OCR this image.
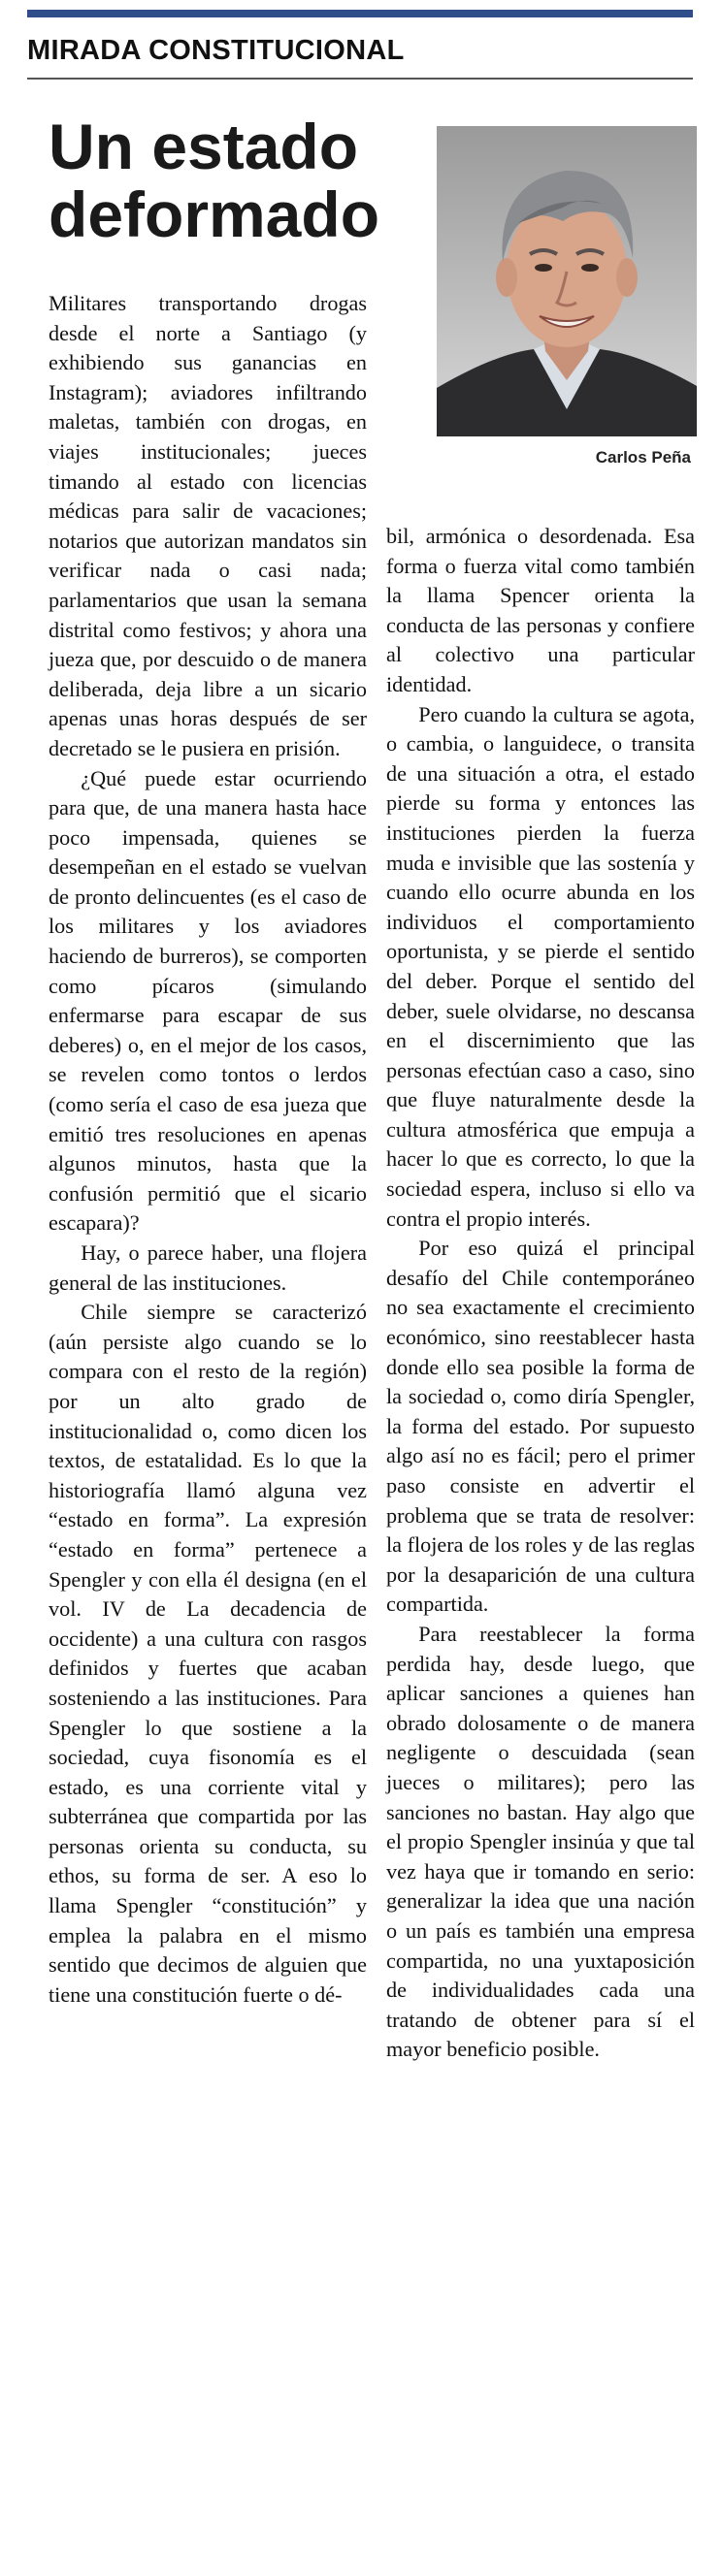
MIRADA CONSTITUCIONAL
Un estado
deformado
Carlos Peña

Militares transportando drogas desde el norte a Santiago (y exhibiendo sus ganancias en Instagram); aviadores infiltrando maletas, también con drogas, en viajes institucionales; jueces timando al estado con licencias médicas para salir de vacaciones; notarios que autorizan mandatos sin verificar nada o casi nada; parlamentarios que usan la semana distrital como festivos; y ahora una jueza que, por descuido o de manera deliberada, deja libre a un sicario apenas unas horas después de ser decretado se le pusiera en prisión.

¿Qué puede estar ocurriendo para que, de una manera hasta hace poco impensada, quienes se desempeñan en el estado se vuelvan de pronto delincuentes (es el caso de los militares y los aviadores haciendo de burreros), se comporten como pícaros (simulando enfermarse para escapar de sus deberes) o, en el mejor de los casos, se revelen como tontos o lerdos (como sería el caso de esa jueza que emitió tres resoluciones en apenas algunos minutos, hasta que la confusión permitió que el sicario escapara)?

Hay, o parece haber, una flojera general de las instituciones.

Chile siempre se caracterizó (aún persiste algo cuando se lo compara con el resto de la región) por un alto grado de institucionalidad o, como dicen los textos, de estatalidad. Es lo que la historiografía llamó alguna vez “estado en forma”. La expresión “estado en forma” pertenece a Spengler y con ella él designa (en el vol. IV de La decadencia de occidente) a una cultura con rasgos definidos y fuertes que acaban sosteniendo a las instituciones. Para Spengler lo que sostiene a la sociedad, cuya fisonomía es el estado, es una corriente vital y subterránea que compartida por las personas orienta su conducta, su ethos, su forma de ser. A eso lo llama Spengler “constitución” y emplea la palabra en el mismo sentido que decimos de alguien que tiene una constitución fuerte o dé-

bil, armónica o desordenada. Esa forma o fuerza vital como también la llama Spencer orienta la conducta de las personas y confiere al colectivo una particular identidad.

Pero cuando la cultura se agota, o cambia, o languidece, o transita de una situación a otra, el estado pierde su forma y entonces las instituciones pierden la fuerza muda e invisible que las sostenía y cuando ello ocurre abunda en los individuos el comportamiento oportunista, y se pierde el sentido del deber. Porque el sentido del deber, suele olvidarse, no descansa en el discernimiento que las personas efectúan caso a caso, sino que fluye naturalmente desde la cultura atmosférica que empuja a hacer lo que es correcto, lo que la sociedad espera, incluso si ello va contra el propio interés.

Por eso quizá el principal desafío del Chile contemporáneo no sea exactamente el crecimiento económico, sino reestablecer hasta donde ello sea posible la forma de la sociedad o, como diría Spengler, la forma del estado. Por supuesto algo así no es fácil; pero el primer paso consiste en advertir el problema que se trata de resolver: la flojera de los roles y de las reglas por la desaparición de una cultura compartida.

Para reestablecer la forma perdida hay, desde luego, que aplicar sanciones a quienes han obrado dolosamente o de manera negligente o descuidada (sean jueces o militares); pero las sanciones no bastan. Hay algo que el propio Spengler insinúa y que tal vez haya que ir tomando en serio: generalizar la idea que una nación o un país es también una empresa compartida, no una yuxtaposición de individualidades cada una tratando de obtener para sí el mayor beneficio posible.
